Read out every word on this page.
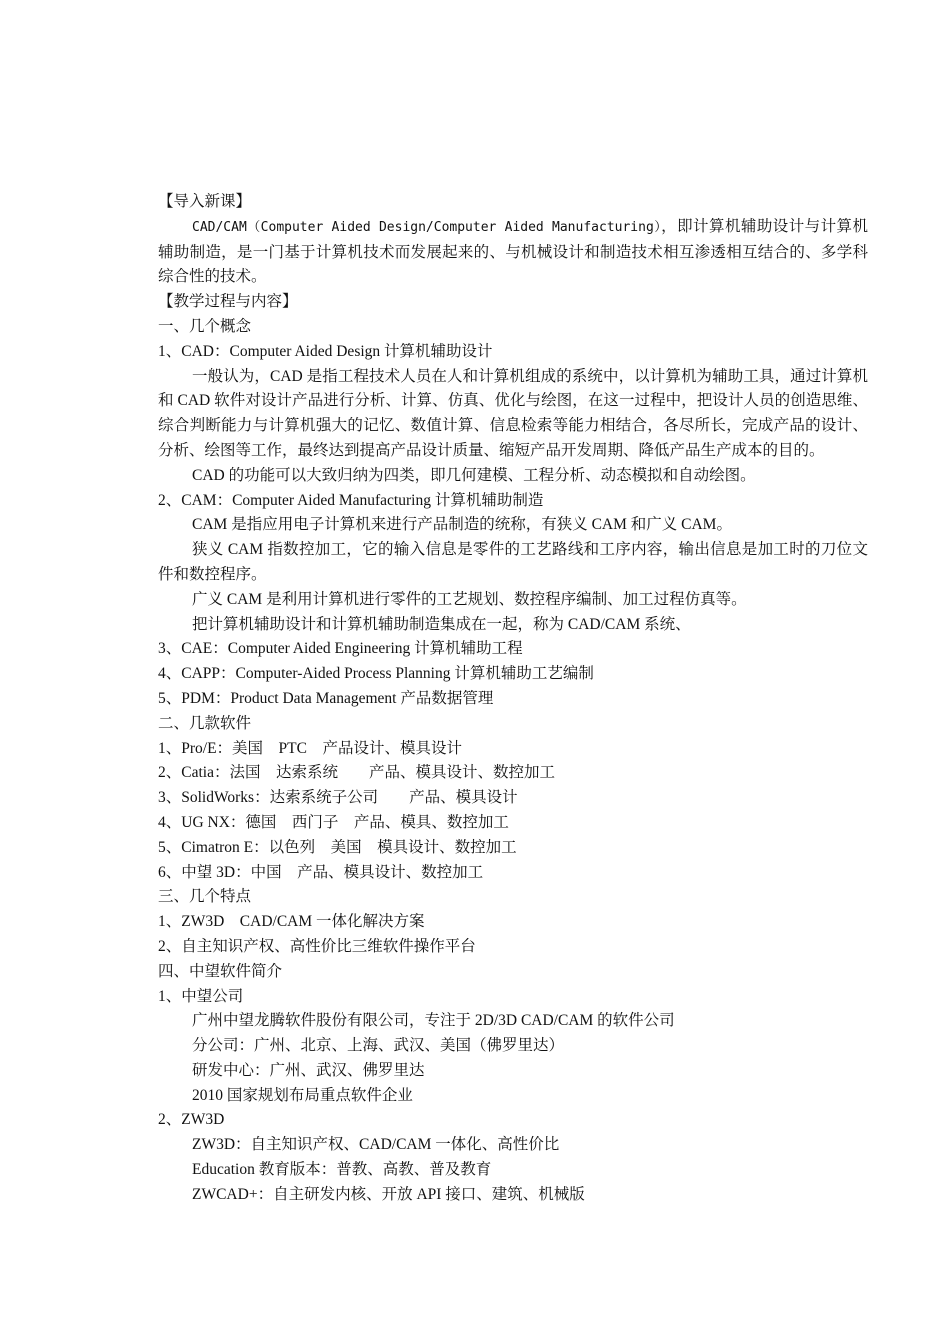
【导入新课】
CAD/CAM（Computer Aided Design/Computer Aided Manufacturing），即计算机辅助设计与计算机辅助制造，是一门基于计算机技术而发展起来的、与机械设计和制造技术相互渗透相互结合的、多学科综合性的技术。
【教学过程与内容】
一、几个概念
1、CAD：Computer Aided Design 计算机辅助设计
一般认为，CAD 是指工程技术人员在人和计算机组成的系统中，以计算机为辅助工具，通过计算机和 CAD 软件对设计产品进行分析、计算、仿真、优化与绘图，在这一过程中，把设计人员的创造思维、综合判断能力与计算机强大的记忆、数值计算、信息检索等能力相结合，各尽所长，完成产品的设计、分析、绘图等工作，最终达到提高产品设计质量、缩短产品开发周期、降低产品生产成本的目的。
CAD 的功能可以大致归纳为四类，即几何建模、工程分析、动态模拟和自动绘图。
2、CAM：Computer Aided Manufacturing 计算机辅助制造
CAM 是指应用电子计算机来进行产品制造的统称，有狭义 CAM 和广义 CAM。
狭义 CAM 指数控加工，它的输入信息是零件的工艺路线和工序内容，输出信息是加工时的刀位文件和数控程序。
广义 CAM 是利用计算机进行零件的工艺规划、数控程序编制、加工过程仿真等。
把计算机辅助设计和计算机辅助制造集成在一起，称为 CAD/CAM 系统、
3、CAE：Computer Aided Engineering 计算机辅助工程
4、CAPP：Computer-Aided Process Planning 计算机辅助工艺编制
5、PDM：Product Data Management 产品数据管理
二、几款软件
1、Pro/E：美国　PTC　产品设计、模具设计
2、Catia：法国　达索系统　　产品、模具设计、数控加工
3、SolidWorks：达索系统子公司　　产品、模具设计
4、UG NX：德国　西门子　产品、模具、数控加工
5、Cimatron E：以色列　美国　模具设计、数控加工
6、中望 3D：中国　产品、模具设计、数控加工
三、几个特点
1、ZW3D　CAD/CAM 一体化解决方案
2、自主知识产权、高性价比三维软件操作平台
四、中望软件简介
1、中望公司
广州中望龙腾软件股份有限公司，专注于 2D/3D CAD/CAM 的软件公司
分公司：广州、北京、上海、武汉、美国（佛罗里达）
研发中心：广州、武汉、佛罗里达
2010 国家规划布局重点软件企业
2、ZW3D
ZW3D：自主知识产权、CAD/CAM 一体化、高性价比
Education 教育版本：普教、高教、普及教育
ZWCAD+：自主研发内核、开放 API 接口、建筑、机械版
